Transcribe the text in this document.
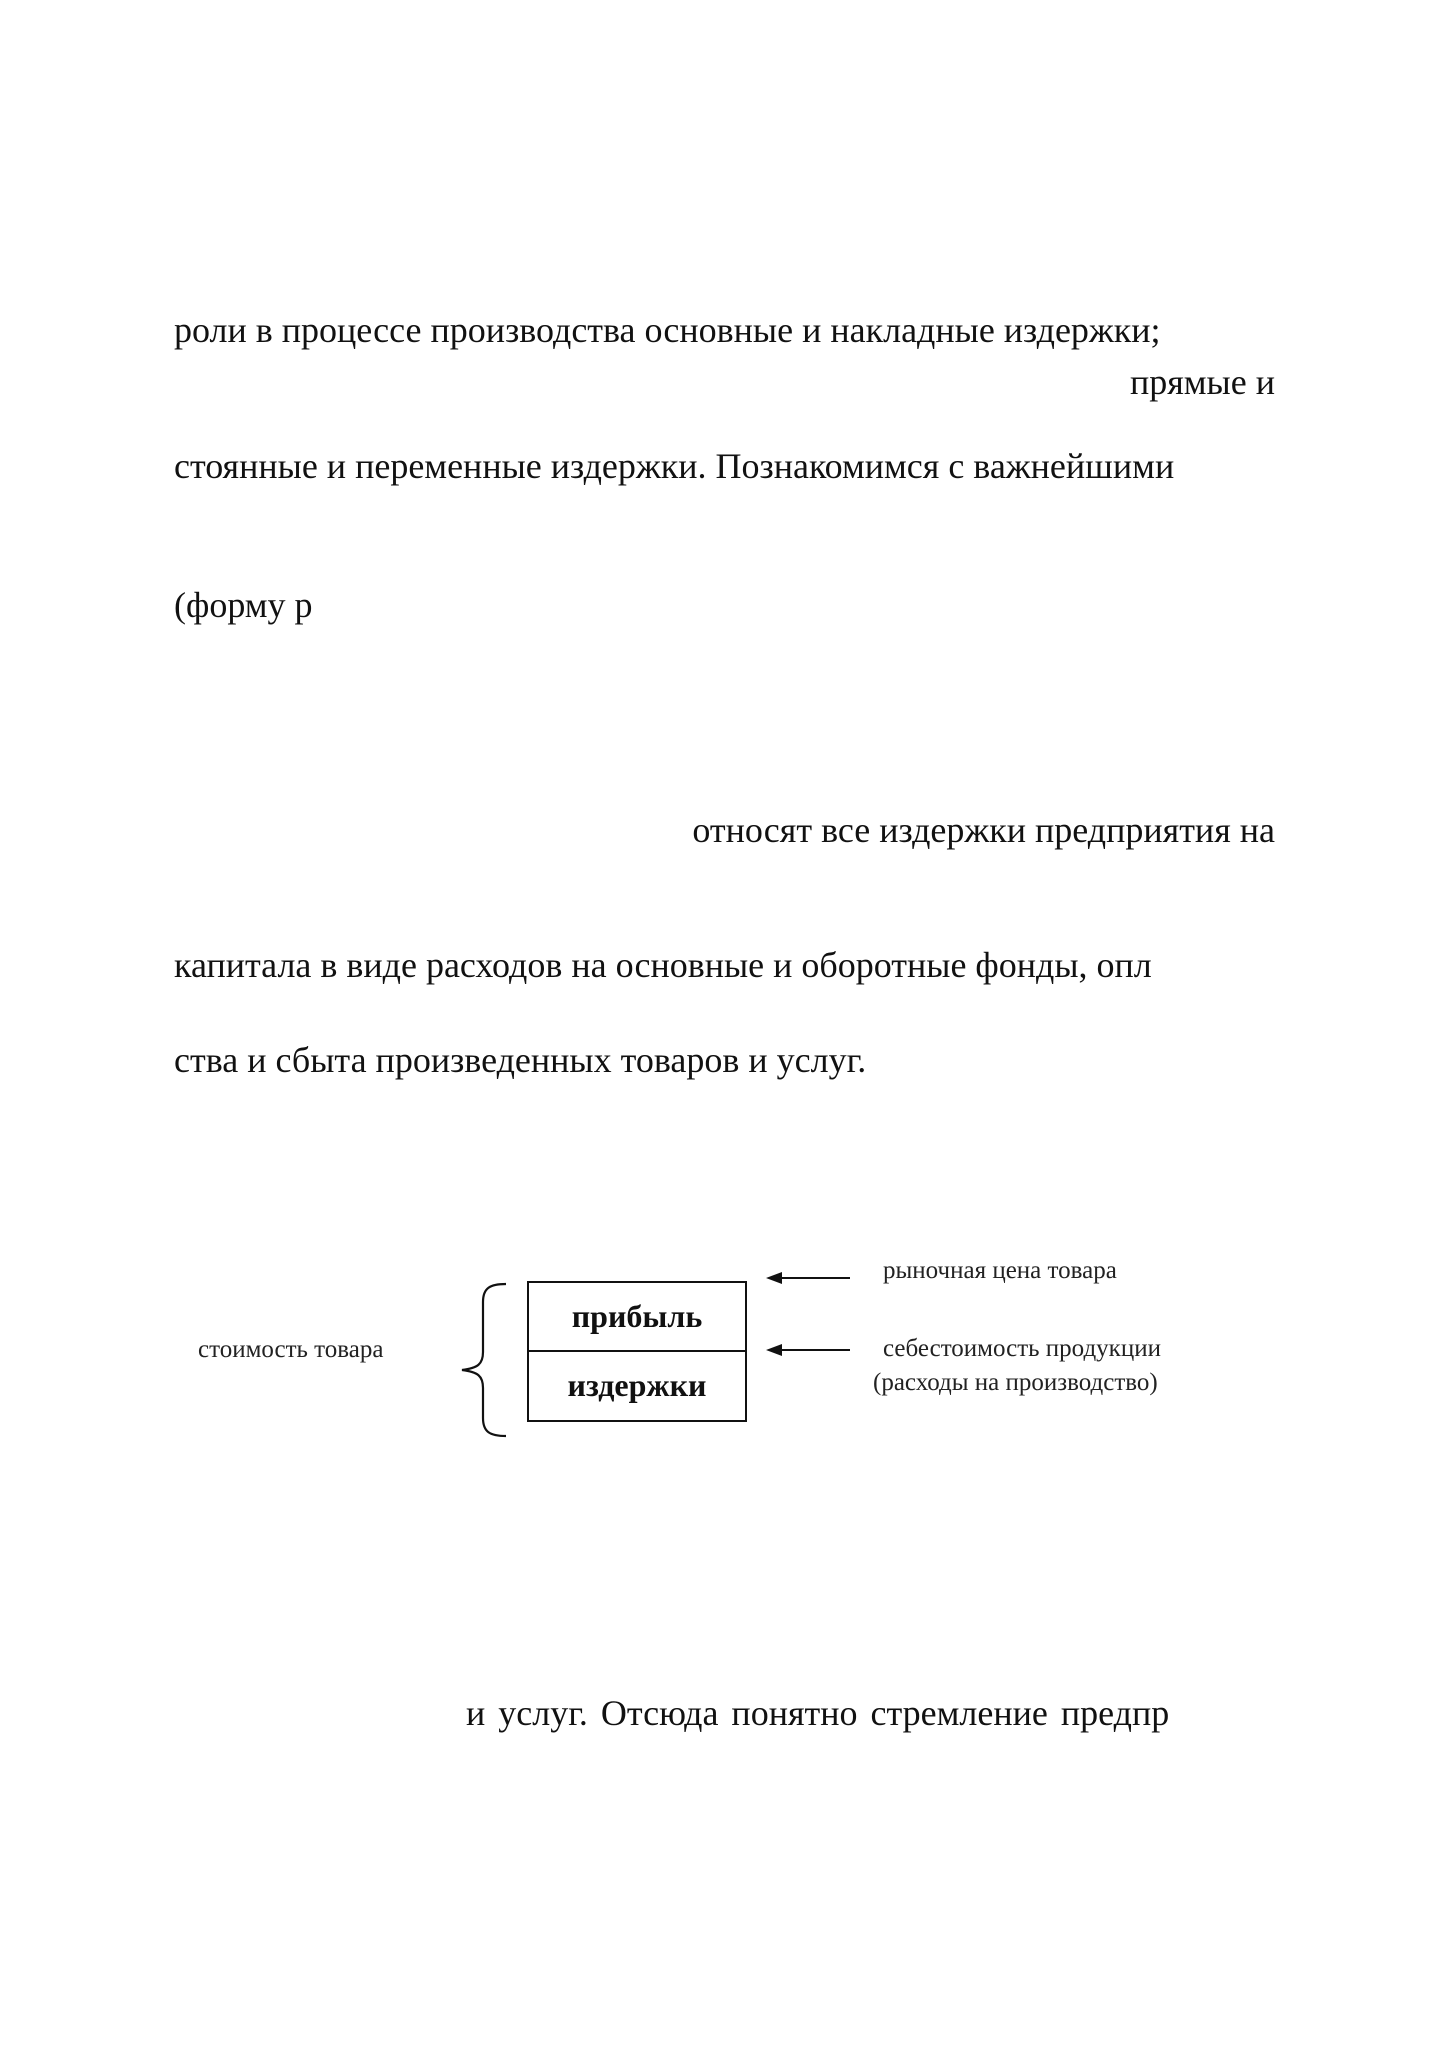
роли в процессе производства основные и накладные издержки;
прямые и
стоянные и переменные издержки. Познакомимся с важнейшими
(форму р
относят все издержки предприятия на
капитала в виде расходов на основные и оборотные фонды, опл
ства и сбыта произведенных товаров и услуг.
стоимость товара
прибыль
издержки
рыночная цена товара
себестоимость продукции
(расходы на производство)
и услуг. Отсюда понятно стремление предпр
